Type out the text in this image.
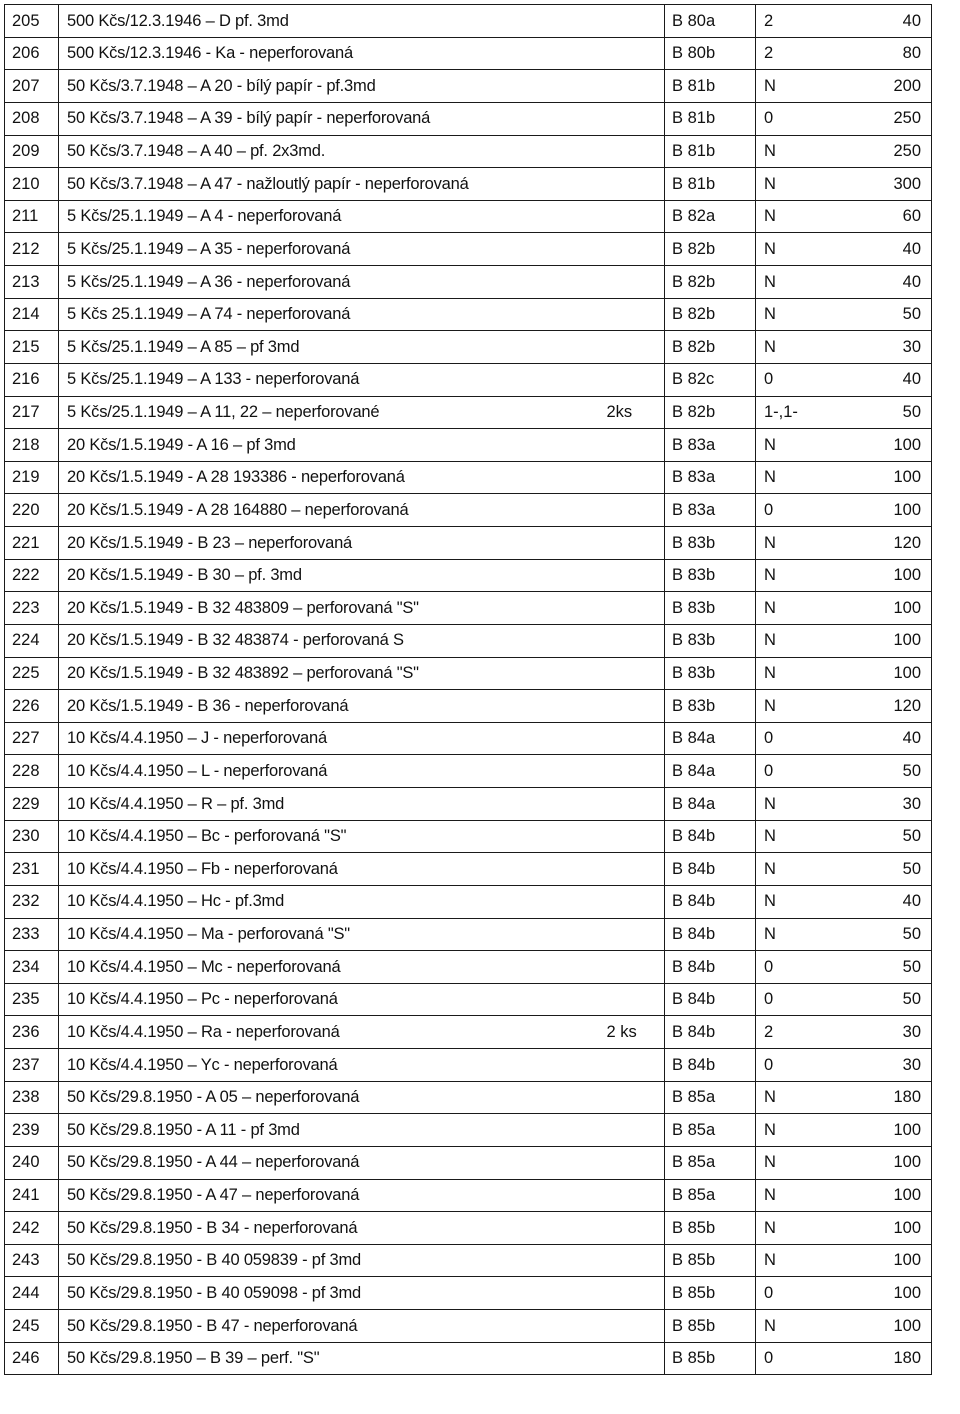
205	500 Kčs/12.3.1946 – D pf. 3md		B 80a	2	40
206	500 Kčs/12.3.1946 - Ka - neperforovaná		B 80b	2	80
207	50 Kčs/3.7.1948 – A 20 - bílý papír - pf.3md		B 81b	N	200
208	50 Kčs/3.7.1948 – A 39 - bílý papír - neperforovaná		B 81b	0	250
209	50 Kčs/3.7.1948 – A 40 – pf. 2x3md.		B 81b	N	250
210	50 Kčs/3.7.1948 – A 47 - nažloutlý papír - neperforovaná		B 81b	N	300
211	5 Kčs/25.1.1949 – A 4 - neperforovaná		B 82a	N	60
212	5 Kčs/25.1.1949 – A 35 - neperforovaná		B 82b	N	40
213	5 Kčs/25.1.1949 – A 36 - neperforovaná		B 82b	N	40
214	5 Kčs 25.1.1949 – A 74 - neperforovaná		B 82b	N	50
215	5 Kčs/25.1.1949 – A 85 – pf 3md		B 82b	N	30
216	5 Kčs/25.1.1949 – A 133 - neperforovaná		B 82c	0	40
217	5 Kčs/25.1.1949 – A 11, 22 – neperforované	2ks	B 82b	1-,1-	50
218	20 Kčs/1.5.1949 - A 16 – pf 3md		B 83a	N	100
219	20 Kčs/1.5.1949 - A 28 193386 - neperforovaná		B 83a	N	100
220	20 Kčs/1.5.1949 - A 28 164880 – neperforovaná		B 83a	0	100
221	20 Kčs/1.5.1949 - B 23 – neperforovaná		B 83b	N	120
222	20 Kčs/1.5.1949 - B 30 – pf. 3md		B 83b	N	100
223	20 Kčs/1.5.1949 - B 32 483809 – perforovaná "S"		B 83b	N	100
224	20 Kčs/1.5.1949 - B 32 483874 - perforovaná S		B 83b	N	100
225	20 Kčs/1.5.1949 - B 32 483892 – perforovaná "S"		B 83b	N	100
226	20 Kčs/1.5.1949 - B 36 - neperforovaná		B 83b	N	120
227	10 Kčs/4.4.1950 – J - neperforovaná		B 84a	0	40
228	10 Kčs/4.4.1950 – L - neperforovaná		B 84a	0	50
229	10 Kčs/4.4.1950 – R – pf. 3md		B 84a	N	30
230	10 Kčs/4.4.1950 – Bc - perforovaná "S"		B 84b	N	50
231	10 Kčs/4.4.1950 – Fb - neperforovaná		B 84b	N	50
232	10 Kčs/4.4.1950 – Hc - pf.3md		B 84b	N	40
233	10 Kčs/4.4.1950 – Ma - perforovaná "S"		B 84b	N	50
234	10 Kčs/4.4.1950 – Mc - neperforovaná		B 84b	0	50
235	10 Kčs/4.4.1950 – Pc - neperforovaná		B 84b	0	50
236	10 Kčs/4.4.1950 – Ra - neperforovaná	2 ks	B 84b	2	30
237	10 Kčs/4.4.1950 – Yc - neperforovaná		B 84b	0	30
238	50 Kčs/29.8.1950 - A 05 – neperforovaná		B 85a	N	180
239	50 Kčs/29.8.1950 - A 11 - pf 3md		B 85a	N	100
240	50 Kčs/29.8.1950 - A 44 – neperforovaná		B 85a	N	100
241	50 Kčs/29.8.1950 - A 47 – neperforovaná		B 85a	N	100
242	50 Kčs/29.8.1950 - B 34 - neperforovaná		B 85b	N	100
243	50 Kčs/29.8.1950 - B 40 059839 - pf 3md		B 85b	N	100
244	50 Kčs/29.8.1950 - B 40 059098 - pf 3md		B 85b	0	100
245	50 Kčs/29.8.1950 - B 47 - neperforovaná		B 85b	N	100
246	50 Kčs/29.8.1950 – B 39 – perf. "S"		B 85b	0	180
